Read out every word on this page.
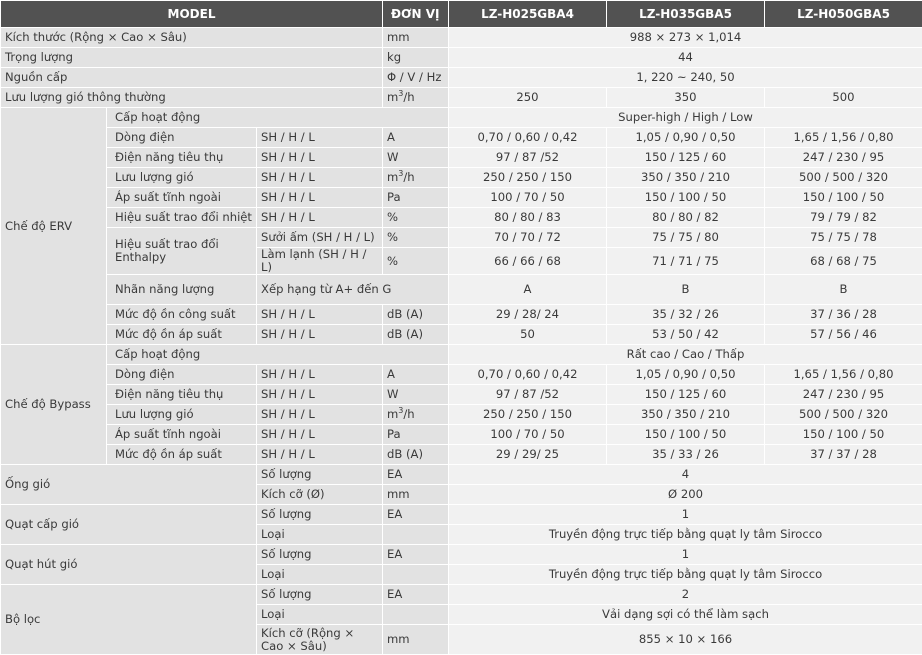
MODEL			ĐƠN VỊ	LZ-H025GBA4	LZ-H035GBA5	LZ-H050GBA5
Kích thước (Rộng × Cao × Sâu)			mm	988 × 273 × 1,014		
Trọng lượng			kg	44		
Nguồn cấp			Φ / V / Hz	1, 220 ~ 240, 50		
Lưu lượng gió thông thường			$m^3/h$	250	350	500
Chế độ ERV	Cấp hoạt động			Super-high / High / Low		
	Dòng điện	SH / H / L	A	0,70 / 0,60 / 0,42	1,05 / 0,90 / 0,50	1,65 / 1,56 / 0,80
	Điện năng tiêu thụ	SH / H / L	W	97 / 87 /52	150 / 125 / 60	247 / 230 / 95
	Lưu lượng gió	SH / H / L	$m^3/h$	250 / 250 / 150	350 / 350 / 210	500 / 500 / 320
	Áp suất tĩnh ngoài	SH / H / L	Pa	100 / 70 / 50	150 / 100 / 50	150 / 100 / 50
	Hiệu suất trao đổi nhiệt	SH / H / L	%	80 / 80 / 83	80 / 80 / 82	79 / 79 / 82
	Hiệu suất trao đổi Enthalpy	Sưởi ấm (SH / H / L)	%	70 / 70 / 72	75 / 75 / 80	75 / 75 / 78
		Làm lạnh (SH / H / L)	%	66 / 66 / 68	71 / 71 / 75	68 / 68 / 75
	Nhãn năng lượng	Xếp hạng từ A+ đến G		A	B	B
	Mức độ ồn công suất	SH / H / L	dB (A)	29 / 28/ 24	35 / 32 / 26	37 / 36 / 28
	Mức độ ồn áp suất	SH / H / L	dB (A)	50	53 / 50 / 42	57 / 56 / 46
Chế độ Bypass	Cấp hoạt động			Rất cao / Cao / Thấp		
	Dòng điện	SH / H / L	A	0,70 / 0,60 / 0,42	1,05 / 0,90 / 0,50	1,65 / 1,56 / 0,80
	Điện năng tiêu thụ	SH / H / L	W	97 / 87 /52	150 / 125 / 60	247 / 230 / 95
	Lưu lượng gió	SH / H / L	$m^3/h$	250 / 250 / 150	350 / 350 / 210	500 / 500 / 320
	Áp suất tĩnh ngoài	SH / H / L	Pa	100 / 70 / 50	150 / 100 / 50	150 / 100 / 50
	Mức độ ồn áp suất	SH / H / L	dB (A)	29 / 29/ 25	35 / 33 / 26	37 / 37 / 28
Ống gió		Số lượng	EA	4		
		Kích cỡ (Ø)	mm	Ø 200		
Quạt cấp gió		Số lượng	EA	1		
		Loại		Truyền động trực tiếp bằng quạt ly tâm Sirocco		
Quạt hút gió		Số lượng	EA	1		
		Loại		Truyền động trực tiếp bằng quạt ly tâm Sirocco		
Bộ lọc		Số lượng	EA	2		
		Loại		Vải dạng sợi có thể làm sạch		
		Kích cỡ (Rộng × Cao × Sâu)	mm	855 × 10 × 166		
